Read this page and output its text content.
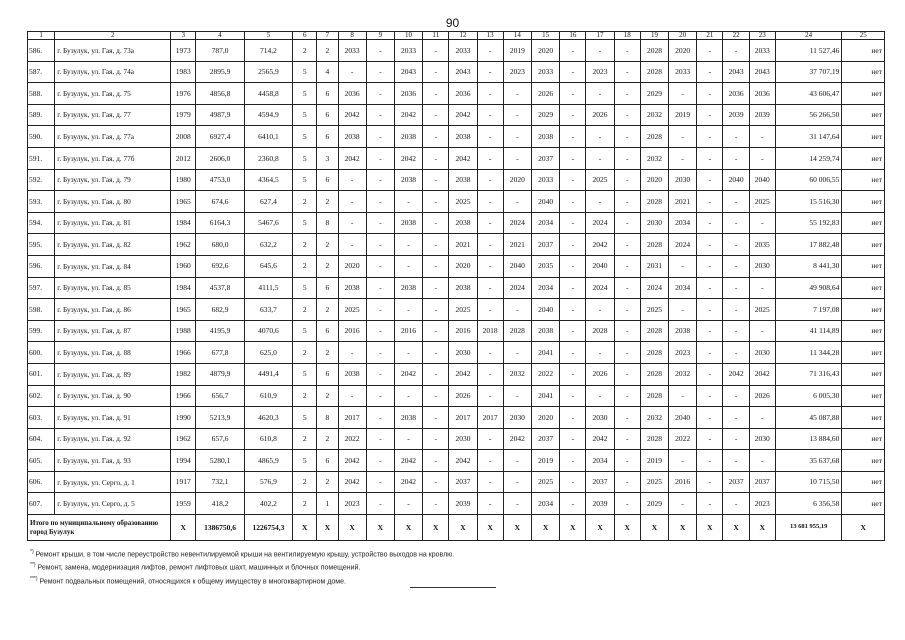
90
1	2	3	4	5	6	7	8	9	10	11	12	13	14	15	16	17	18	19	20	21	22	23	24	25
586.	г. Бузулук, ул. Гая, д. 73а	1973	787,0	714,2	2	2	2033	-	2033	-	2033	-	2019	2020	-	-	-	2028	2020	-	-	2033	11 527,46	нет
587.	г. Бузулук, ул. Гая, д. 74а	1983	2895,9	2565,9	5	4	-	-	2043	-	2043	-	2023	2033	-	2023	-	2028	2033	-	2043	2043	37 707,19	нет
588.	г. Бузулук, ул. Гая, д. 75	1976	4856,8	4458,8	5	6	2036	-	2036	-	2036	-	-	2026	-	-	-	2029	-	-	2036	2036	43 606,47	нет
589.	г. Бузулук, ул. Гая, д. 77	1979	4987,9	4594,9	5	6	2042	-	2042	-	2042	-	-	2029	-	2026	-	2032	2019	-	2039	2039	56 266,50	нет
590.	г. Бузулук, ул. Гая, д. 77а	2008	6927,4	6410,1	5	6	2038	-	2038	-	2038	-	-	2038	-	-	-	2028	-	-	-	-	31 147,64	нет
591.	г. Бузулук, ул. Гая, д. 77б	2012	2606,0	2360,8	5	3	2042	-	2042	-	2042	-	-	2037	-	-	-	2032	-	-	-	-	14 259,74	нет
592.	г. Бузулук, ул. Гая, д. 79	1980	4753,0	4364,5	5	6	-	-	2038	-	2038	-	2020	2033	-	2025	-	2020	2030	-	2040	2040	60 006,55	нет
593.	г. Бузулук, ул. Гая, д. 80	1965	674,6	627,4	2	2	-	-	-	-	2025	-	-	2040	-	-	-	2028	2021	-	-	2025	15 516,30	нет
594.	г. Бузулук, ул. Гая, д. 81	1984	6164,3	5467,6	5	8	-	-	2038	-	2038	-	2024	2034	-	2024	-	2030	2034	-	-	-	55 192,83	нет
595.	г. Бузулук, ул. Гая, д. 82	1962	680,0	632,2	2	2	-	-	-	-	2021	-	2021	2037	-	2042	-	2028	2024	-	-	2035	17 882,48	нет
596.	г. Бузулук, ул. Гая, д. 84	1960	692,6	645,6	2	2	2020	-	-	-	2020	-	2040	2035	-	2040	-	2031	-	-	-	2030	8 441,30	нет
597.	г. Бузулук, ул. Гая, д. 85	1984	4537,8	4111,5	5	6	2038	-	2038	-	2038	-	2024	2034	-	2024	-	2024	2034	-	-	-	49 908,64	нет
598.	г. Бузулук, ул. Гая, д. 86	1965	682,9	633,7	2	2	2025	-	-	-	2025	-	-	2040	-	-	-	2025	-	-	-	2025	7 197,08	нет
599.	г. Бузулук, ул. Гая, д. 87	1988	4195,9	4070,6	5	6	2016	-	2016	-	2016	2018	2028	2038	-	2028	-	2028	2038	-	-	-	41 114,89	нет
600.	г. Бузулук, ул. Гая, д. 88	1966	677,8	625,0	2	2	-	-	-	-	2030	-	-	2041	-	-	-	2028	2023	-	-	2030	11 344,28	нет
601.	г. Бузулук, ул. Гая, д. 89	1982	4879,9	4491,4	5	6	2038	-	2042	-	2042	-	2032	2022	-	2026	-	2028	2032	-	2042	2042	71 316,43	нет
602.	г. Бузулук, ул. Гая, д. 90	1966	656,7	610,9	2	2	-	-	-	-	2026	-	-	2041	-	-	-	2028	-	-	-	2026	6 005,30	нет
603.	г. Бузулук, ул. Гая, д. 91	1990	5213,9	4620,3	5	8	2017	-	2038	-	2017	2017	2030	2020	-	2030	-	2032	2040	-	-	-	45 087,88	нет
604.	г. Бузулук, ул. Гая, д. 92	1962	657,6	610,8	2	2	2022	-	-	-	2030	-	2042	2037	-	2042	-	2028	2022	-	-	2030	13 884,60	нет
605.	г. Бузулук, ул. Гая, д. 93	1994	5280,1	4865,9	5	6	2042	-	2042	-	2042	-	-	2019	-	2034	-	2019	-	-	-	-	35 637,68	нет
606.	г. Бузулук, ул. Серго, д. 1	1917	732,1	576,9	2	2	2042	-	2042	-	2037	-	-	2025	-	2037	-	2025	2016	-	2037	2037	10 715,50	нет
607.	г. Бузулук, ул. Серго, д. 5	1959	418,2	402,2	2	1	2023	-	-	-	2039	-	-	2034	-	2039	-	2029	-	-	-	2023	6 356,58	нет
Итого по муниципальному образованию город Бузулук		X	1386750,6	1226754,3	X	X	X	X	X	X	X	X	X	X	X	X	X	X	X	X	X	X	13 681 955,19	X
*) Ремонт крыши, в том числе переустройство невентилируемой крыши на вентилируемую крышу, устройство выходов на кровлю.
**) Ремонт, замена, модернизация лифтов, ремонт лифтовых шахт, машинных и блочных помещений.
***) Ремонт подвальных помещений, относящихся к общему имуществу в многоквартирном доме.
